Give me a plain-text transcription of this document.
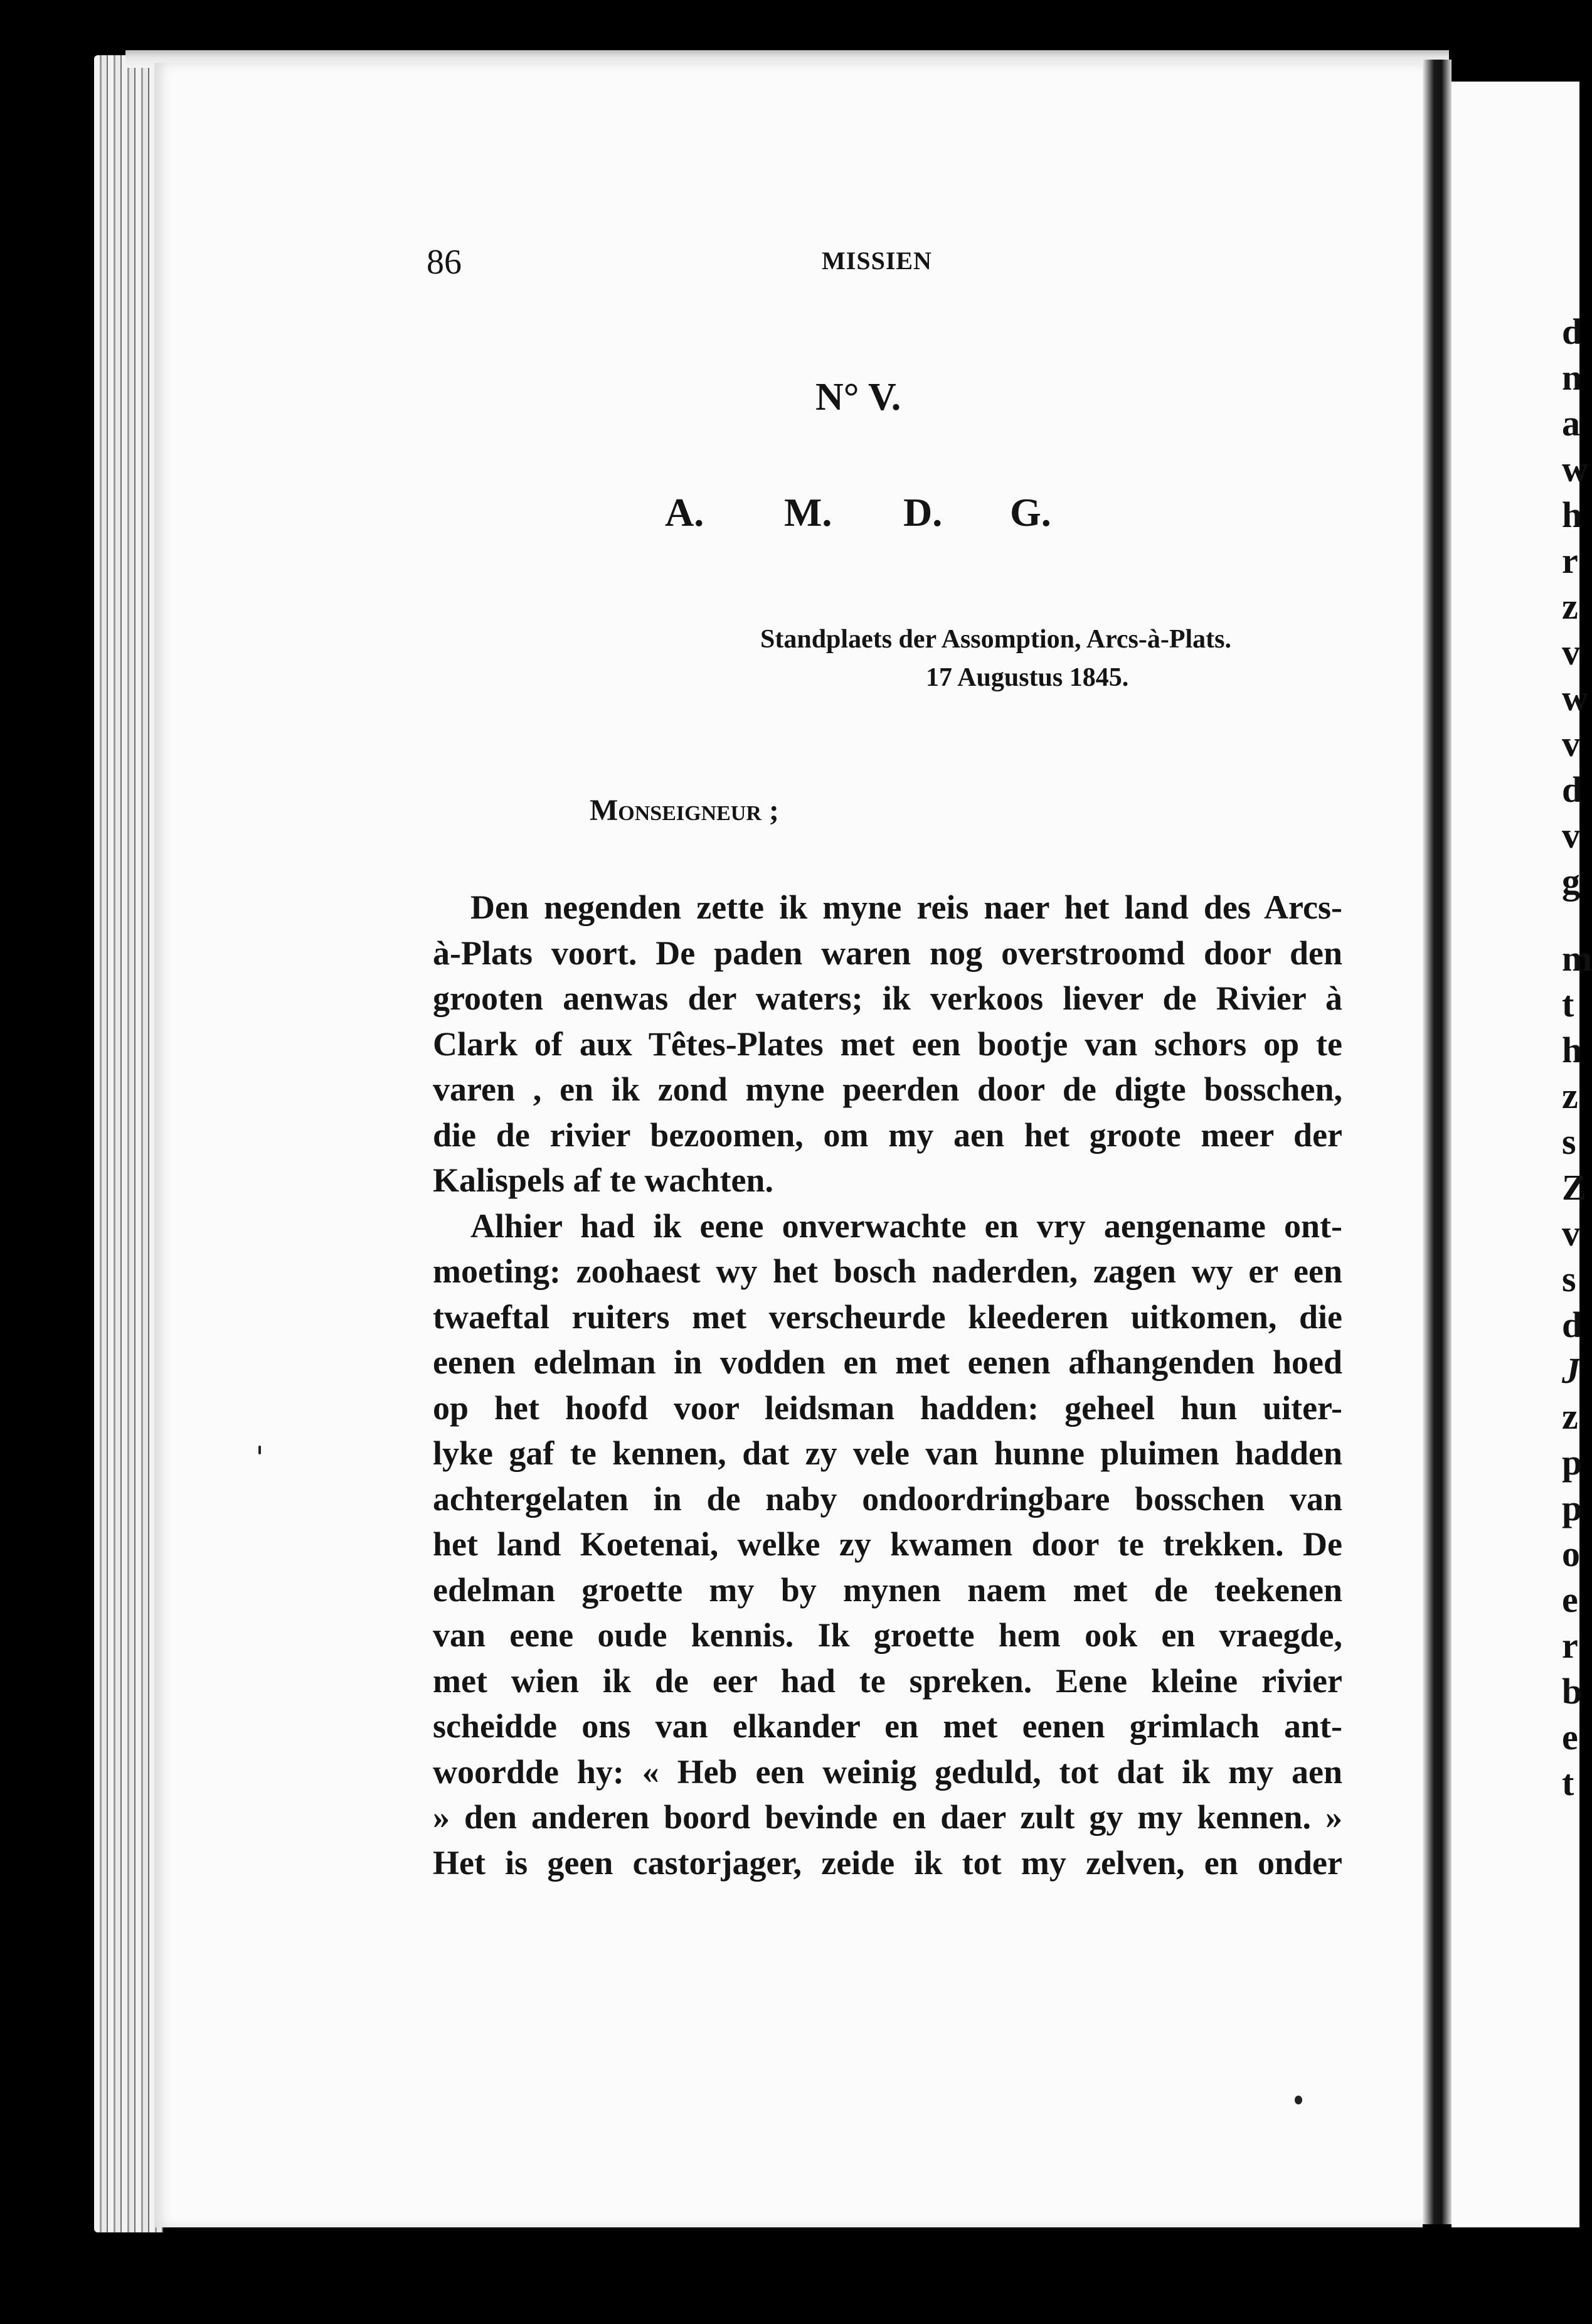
d
n
a
w
h
r
z
v
w
v
d
v
g
m
t
h
z
s
Z
v
s
d
J
z
p
p
o
e
r
b
e
t
86	MISSIEN
N° V.
A. M. D. G.
Standplaets der Assomption, Arcs-à-Plats.
17 Augustus 1845.
Monseigneur ;
Den negenden zette ik myne reis naer het land des Arcs-
à-Plats voort. De paden waren nog overstroomd door den
grooten aenwas der waters; ik verkoos liever de Rivier à
Clark of aux Têtes-Plates met een bootje van schors op te
varen , en ik zond myne peerden door de digte bosschen,
die de rivier bezoomen, om my aen het groote meer der
Kalispels af te wachten.
Alhier had ik eene onverwachte en vry aengename ont-
moeting: zoohaest wy het bosch naderden, zagen wy er een
twaeftal ruiters met verscheurde kleederen uitkomen, die
eenen edelman in vodden en met eenen afhangenden hoed
op het hoofd voor leidsman hadden: geheel hun uiter-
lyke gaf te kennen, dat zy vele van hunne pluimen hadden
achtergelaten in de naby ondoordringbare bosschen van
het land Koetenai, welke zy kwamen door te trekken. De
edelman groette my by mynen naem met de teekenen
van eene oude kennis. Ik groette hem ook en vraegde,
met wien ik de eer had te spreken. Eene kleine rivier
scheidde ons van elkander en met eenen grimlach ant-
woordde hy: « Heb een weinig geduld, tot dat ik my aen
» den anderen boord bevinde en daer zult gy my kennen. »
Het is geen castorjager, zeide ik tot my zelven, en onder
